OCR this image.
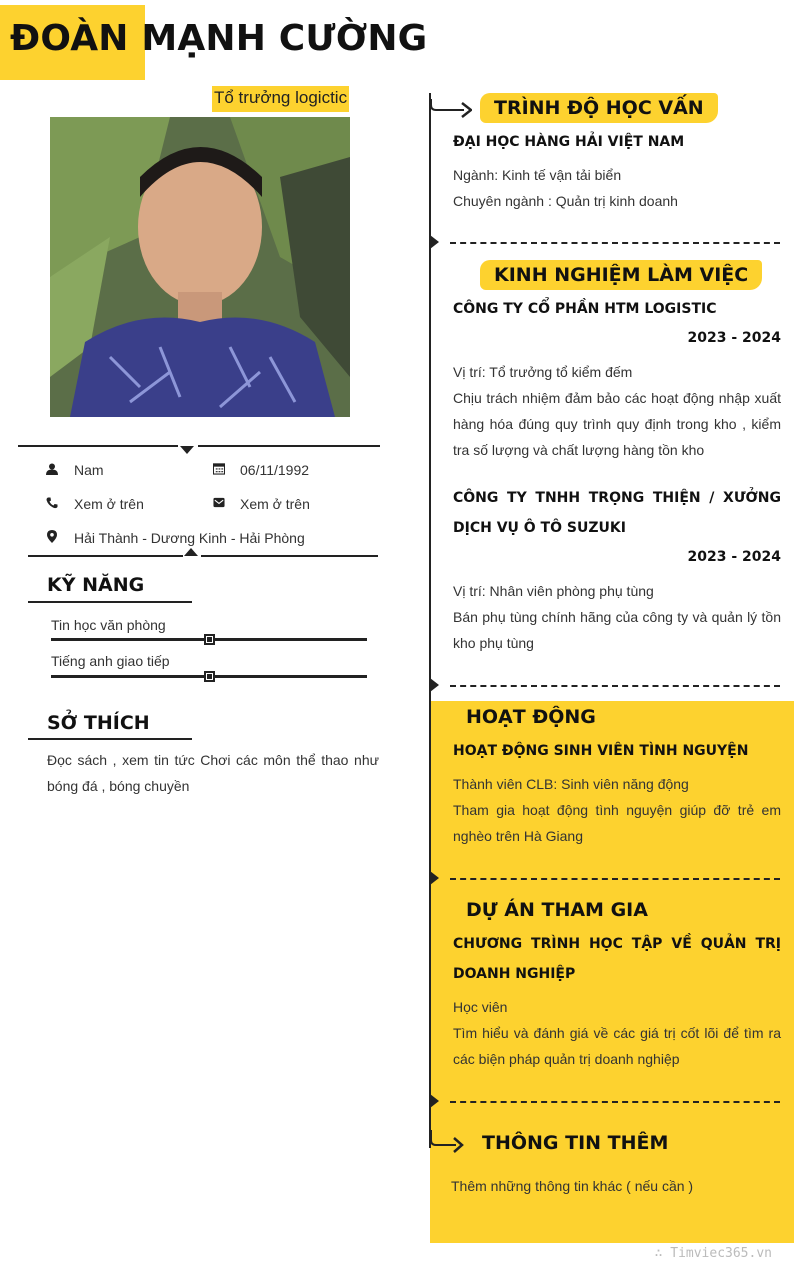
ĐOÀN MẠNH CƯỜNG
Tổ trưởng logictic
Nam	06/11/1992
Xem ở trên	Xem ở trên
Hải Thành - Dương Kinh - Hải Phòng
KỸ NĂNG
Tin học văn phòng
Tiếng anh giao tiếp
SỞ THÍCH
Đọc sách , xem tin tức Chơi các môn thể thao như bóng đá , bóng chuyền
TRÌNH ĐỘ HỌC VẤN
ĐẠI HỌC HÀNG HẢI VIỆT NAM
Ngành: Kinh tế vận tải biển
Chuyên ngành : Quản trị kinh doanh
KINH NGHIỆM LÀM VIỆC
CÔNG TY CỔ PHẦN HTM LOGISTIC
2023 - 2024
Vị trí: Tổ trưởng tổ kiểm đếm
Chịu trách nhiệm đảm bảo các hoạt động nhập xuất hàng hóa đúng quy trình quy định trong kho , kiểm tra số lượng và chất lượng hàng tồn kho
CÔNG TY TNHH TRỌNG THIỆN / XƯỞNG DỊCH VỤ Ô TÔ SUZUKI
2023 - 2024
Vị trí: Nhân viên phòng phụ tùng
Bán phụ tùng chính hãng của công ty và quản lý tồn kho phụ tùng
HOẠT ĐỘNG
HOẠT ĐỘNG SINH VIÊN TÌNH NGUYỆN
Thành viên CLB: Sinh viên năng động
Tham gia hoạt động tình nguyện giúp đỡ trẻ em nghèo trên Hà Giang
DỰ ÁN THAM GIA
CHƯƠNG TRÌNH HỌC TẬP VỀ QUẢN TRỊ DOANH NGHIỆP
Học viên
Tìm hiểu và đánh giá về các giá trị cốt lõi để tìm ra các biện pháp quản trị doanh nghiệp
THÔNG TIN THÊM
Thêm những thông tin khác ( nếu cần )
∴ Timviec365.vn
